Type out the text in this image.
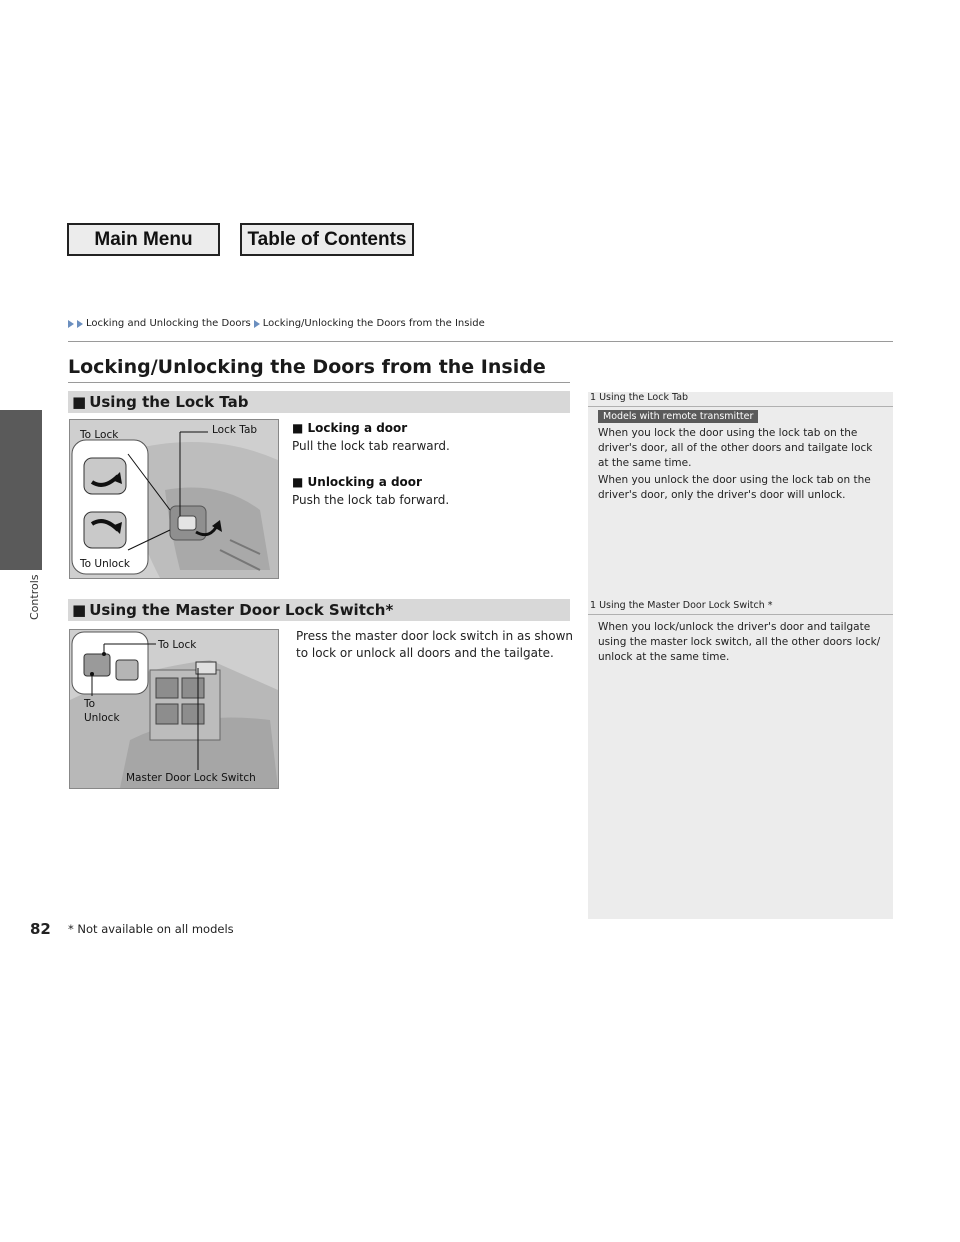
Main Menu	Table of Contents
Controls
Locking and Unlocking the Doors Locking/Unlocking the Doors from the Inside
Locking/Unlocking the Doors from the Inside
■ Using the Lock Tab
To Lock	Lock Tab
To Unlock
■ Locking a door
Pull the lock tab rearward.
■ Unlocking a door
Push the lock tab forward.
■ Using the Master Door Lock Switch *
To Lock
To
Unlock
Master Door Lock Switch
Press the master door lock switch in as shown to lock or unlock all doors and the tailgate.
1 Using the Lock Tab
Models with remote transmitter
When you lock the door using the lock tab on the driver's door, all of the other doors and tailgate lock at the same time.
When you unlock the door using the lock tab on the driver's door, only the driver's door will unlock.
1 Using the Master Door Lock Switch *
When you lock/unlock the driver's door and tailgate using the master lock switch, all the other doors lock/ unlock at the same time.
82 * Not available on all models
